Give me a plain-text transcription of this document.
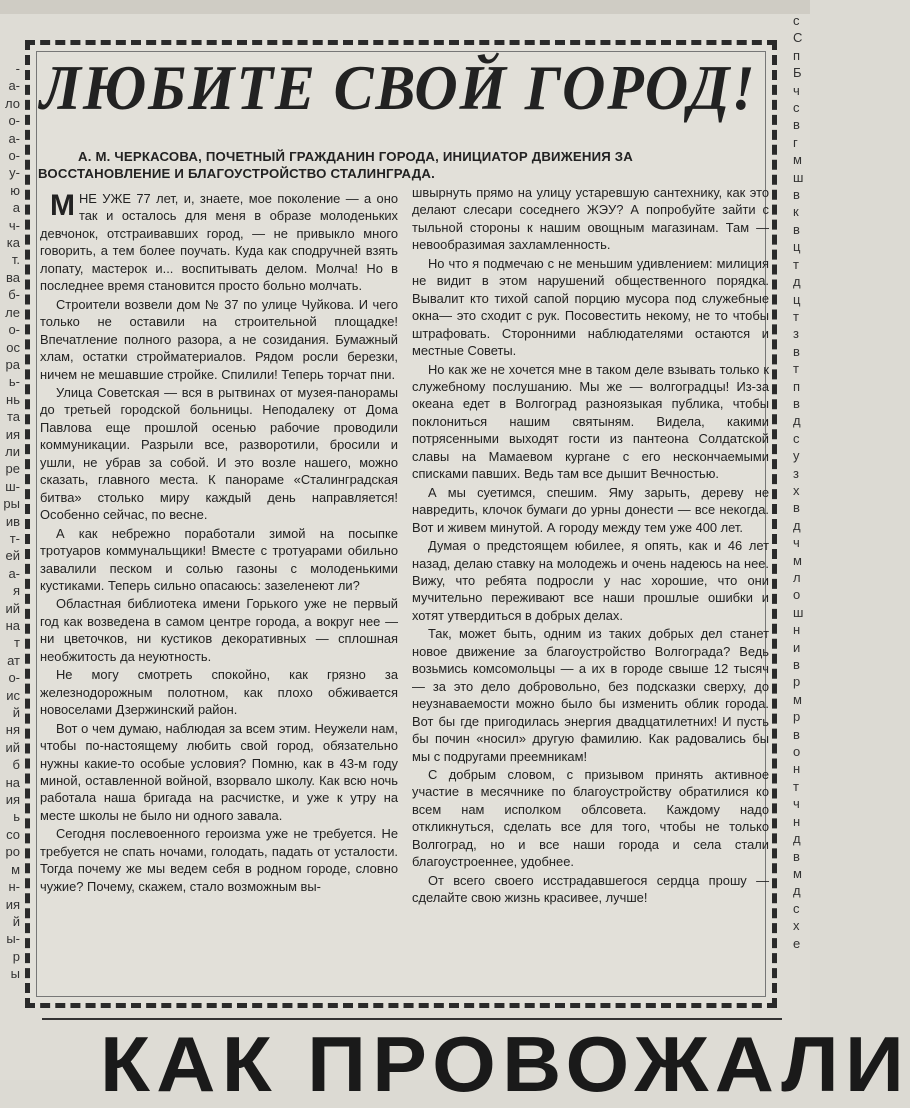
-
а-
ло
о-
а-
о-
у-
ю
а
ч-
ка
т.
ва
б-
ле
о-
ос
ра
ь-
нь
та
ия
ли
ре
ш-
ры
ив
т-
ей
а-
я
ий
на
т
ат
о-
ис
й
ня
ий
б
на
ия
ь
со
ро
м
н-
ия
й
ы-
р
ы
с
С
п
Б
ч
с
в
г
м
ш
в
к
в
ц
т
д
ц
т
з
в
т
п
в
д
с
у
з
х
в
д
ч
м
л
о
ш
н
и
в
р
м
р
в
о
н
т
ч
н
д
в
м
д
с
х
е
ЛЮБИТЕ СВОЙ ГОРОД!

А. М. ЧЕРКАСОВА, ПОЧЕТНЫЙ ГРАЖДАНИН ГОРОДА, ИНИЦИАТОР ДВИЖЕНИЯ ЗА ВОССТАНОВЛЕНИЕ И БЛАГОУСТРОЙСТВО СТАЛИНГРАДА.

МНЕ УЖЕ 77 лет, и, знаете, мое поколение — а оно так и осталось для меня в образе молоденьких девчонок, отстраивавших город, — не привыкло много говорить, а тем более поучать. Куда как сподручней взять лопату, мастерок и... воспитывать делом. Молча! Но в последнее время становится просто больно молчать.

Строители возвели дом № 37 по улице Чуйкова. И чего только не оставили на строительной площадке! Впечатление полного разора, а не созидания. Бумажный хлам, остатки стройматериалов. Рядом росли березки, ничем не мешавшие стройке. Спилили! Теперь торчат пни.

Улица Советская — вся в рытвинах от музея-панорамы до третьей городской больницы. Неподалеку от Дома Павлова еще прошлой осенью рабочие проводили коммуникации. Разрыли все, разворотили, бросили и ушли, не убрав за собой. И это возле нашего, можно сказать, главного места. К панораме «Сталинградская битва» столько миру каждый день направляется! Особенно сейчас, по весне.

А как небрежно поработали зимой на посыпке тротуаров коммунальщики! Вместе с тротуарами обильно завалили песком и солью газоны с молоденькими кустиками. Теперь сильно опасаюсь: зазеленеют ли?

Областная библиотека имени Горького уже не первый год как возведена в самом центре города, а вокруг нее — ни цветочков, ни кустиков декоративных — сплошная необжитость да неуютность.

Не могу смотреть спокойно, как грязно за железнодорожным полотном, как плохо обживается новоселами Дзержинский район.

Вот о чем думаю, наблюдая за всем этим. Неужели нам, чтобы по-настоящему любить свой город, обязательно нужны какие-то особые условия? Помню, как в 43-м году миной, оставленной войной, взорвало школу. Как всю ночь работала наша бригада на расчистке, и уже к утру на месте школы не было ни одного завала.

Сегодня послевоенного героизма уже не требуется. Не требуется не спать ночами, голодать, падать от усталости. Тогда почему же мы ведем себя в родном городе, словно чужие? Почему, скажем, стало возможным вы-

швырнуть прямо на улицу устаревшую сантехнику, как это делают слесари соседнего ЖЭУ? А попробуйте зайти с тыльной стороны к нашим овощным магазинам. Там — невообразимая захламленность.

Но что я подмечаю с не меньшим удивлением: милиция не видит в этом нарушений общественного порядка. Вывалит кто тихой сапой порцию мусора под служебные окна— это сходит с рук. Посовестить некому, не то чтобы штрафовать. Сторонними наблюдателями остаются и местные Советы.

Но как же не хочется мне в таком деле взывать только к служебному послушанию. Мы же — волгоградцы! Из-за океана едет в Волгоград разноязыкая публика, чтобы поклониться нашим святыням. Видела, какими потрясенными выходят гости из пантеона Солдатской славы на Мамаевом кургане с его нескончаемыми списками павших. Ведь там все дышит Вечностью.

А мы суетимся, спешим. Яму зарыть, дереву не навредить, клочок бумаги до урны донести — все некогда. Вот и живем минутой. А городу между тем уже 400 лет.

Думая о предстоящем юбилее, я опять, как и 46 лет назад, делаю ставку на молодежь и очень надеюсь на нее. Вижу, что ребята подросли у нас хорошие, что они мучительно переживают все наши прошлые ошибки и хотят утвердиться в добрых делах.

Так, может быть, одним из таких добрых дел станет новое движение за благоустройство Волгограда? Ведь возьмись комсомольцы — а их в городе свыше 12 тысяч — за это дело добровольно, без подсказки сверху, до неузнаваемости можно было бы изменить облик города. Вот бы где пригодилась энергия двадцатилетних! И пусть бы почин «носил» другую фамилию. Как радовались бы мы с подругами преемникам!

С добрым словом, с призывом принять активное участие в месячнике по благоустройству обратилися ко всем нам исполком облсовета. Каждому надо откликнуться, сделать все для того, чтобы не только Волгоград, но и все наши города и села стали благоустроеннее, удобнее.

От всего своего исстрадавшегося сердца прошу — сделайте свою жизнь красивее, лучше!

КАК ПРОВОЖАЛИ
